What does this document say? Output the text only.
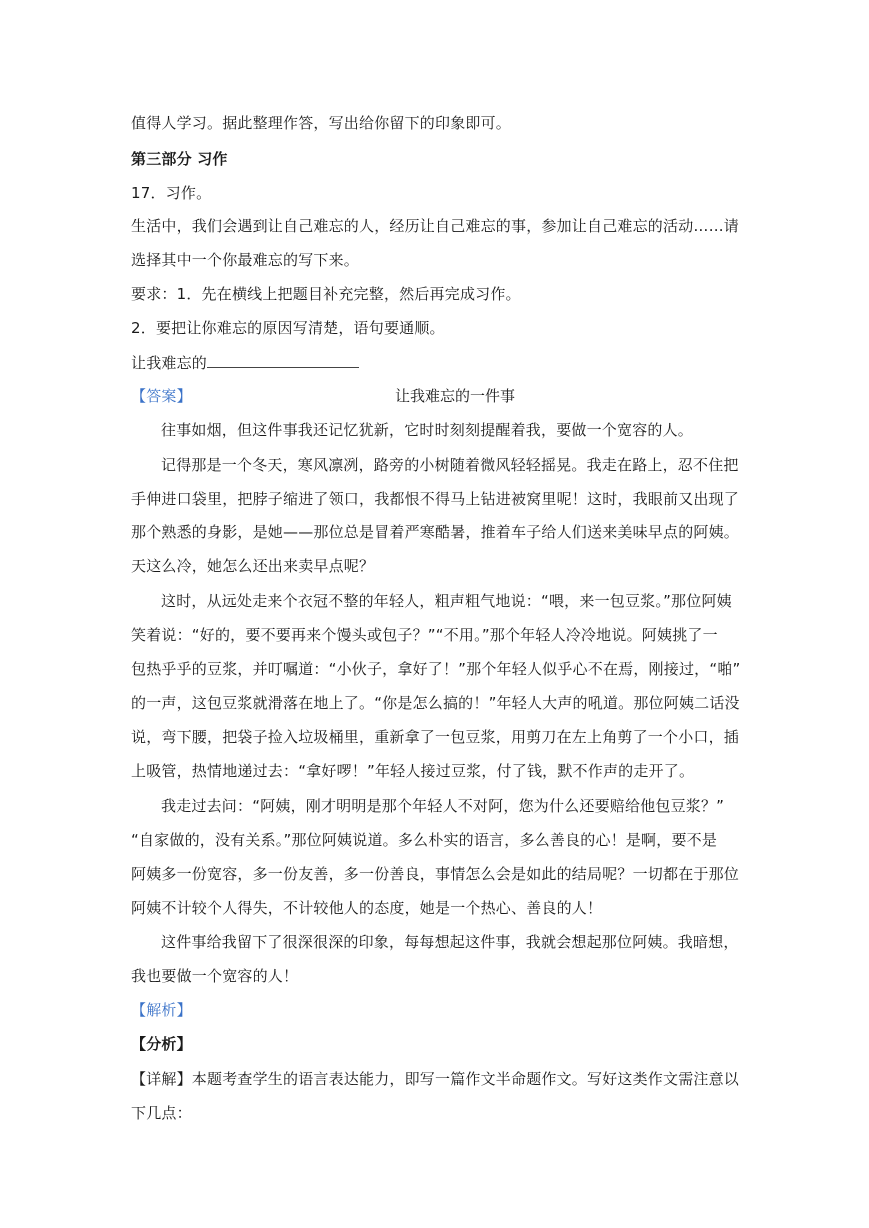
值得人学习。据此整理作答，写出给你留下的印象即可。
第三部分 习作
17．习作。
生活中，我们会遇到让自己难忘的人，经历让自己难忘的事，参加让自己难忘的活动……请
选择其中一个你最难忘的写下来。
要求：1．先在横线上把题目补充完整，然后再完成习作。
2．要把让你难忘的原因写清楚，语句要通顺。
让我难忘的
【答案】	让我难忘的一件事
往事如烟，但这件事我还记忆犹新，它时时刻刻提醒着我，要做一个宽容的人。
记得那是一个冬天，寒风凛冽，路旁的小树随着微风轻轻摇晃。我走在路上，忍不住把
手伸进口袋里，把脖子缩进了领口，我都恨不得马上钻进被窝里呢！这时，我眼前又出现了
那个熟悉的身影，是她——那位总是冒着严寒酷暑，推着车子给人们送来美味早点的阿姨。
天这么冷，她怎么还出来卖早点呢？
这时，从远处走来个衣冠不整的年轻人，粗声粗气地说：“喂，来一包豆浆。”那位阿姨
笑着说：“好的，要不要再来个馒头或包子？”“不用。”那个年轻人冷冷地说。阿姨挑了一
包热乎乎的豆浆，并叮嘱道：“小伙子，拿好了！”那个年轻人似乎心不在焉，刚接过，“啪”
的一声，这包豆浆就滑落在地上了。“你是怎么搞的！”年轻人大声的吼道。那位阿姨二话没
说，弯下腰，把袋子捡入垃圾桶里，重新拿了一包豆浆，用剪刀在左上角剪了一个小口，插
上吸管，热情地递过去：“拿好啰！”年轻人接过豆浆，付了钱，默不作声的走开了。
我走过去问：“阿姨，刚才明明是那个年轻人不对阿，您为什么还要赔给他包豆浆？”
“自家做的，没有关系。”那位阿姨说道。多么朴实的语言，多么善良的心！是啊，要不是
阿姨多一份宽容，多一份友善，多一份善良，事情怎么会是如此的结局呢？一切都在于那位
阿姨不计较个人得失，不计较他人的态度，她是一个热心、善良的人！
这件事给我留下了很深很深的印象，每每想起这件事，我就会想起那位阿姨。我暗想，
我也要做一个宽容的人！
【解析】
【分析】
【详解】本题考查学生的语言表达能力，即写一篇作文半命题作文。写好这类作文需注意以
下几点：
